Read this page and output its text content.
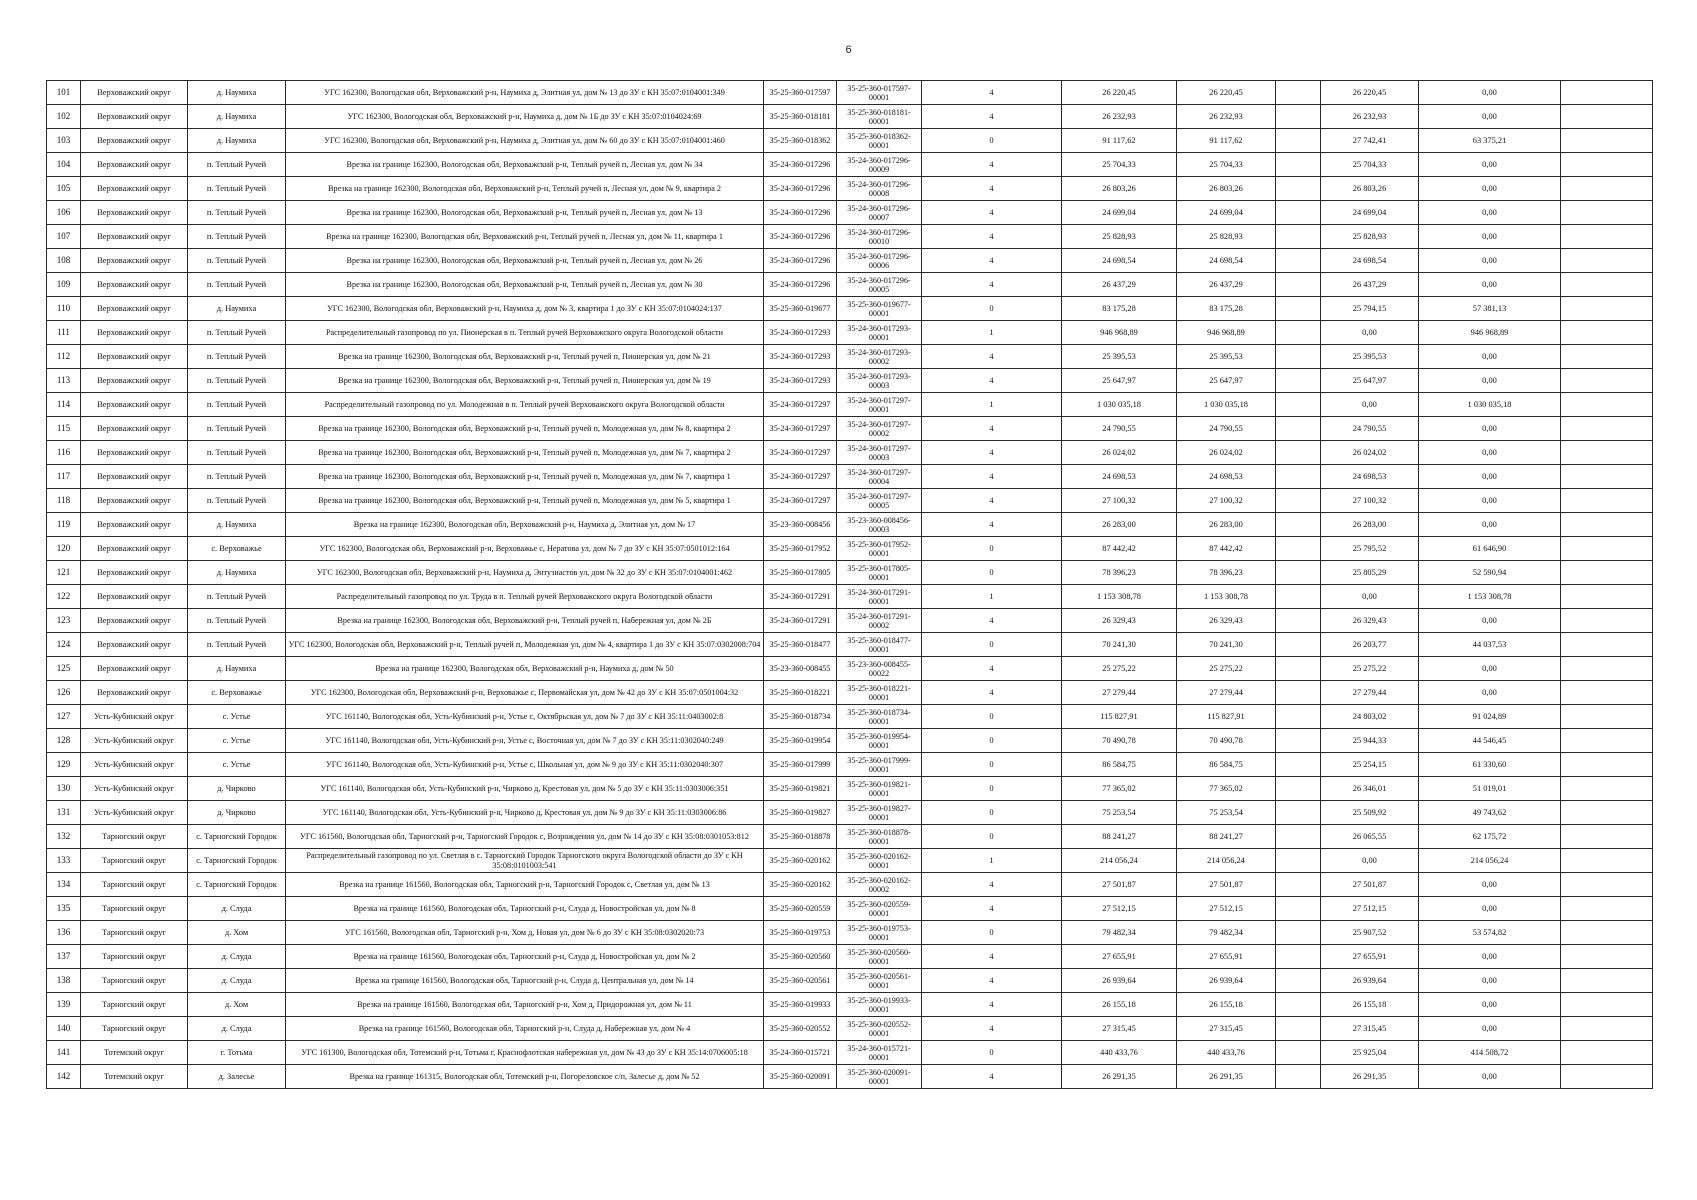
6
101	Верховажский округ	д. Наумиха	УГС 162300, Вологодская обл, Верховажский р-н, Наумиха д, Элитная ул, дом № 13 до ЗУ с КН 35:07:0104001:349	35-25-360-017597	35-25-360-017597-00001	4	26 220,45	26 220,45		26 220,45	0,00	
102	Верховажский округ	д. Наумиха	УГС 162300, Вологодская обл, Верховажский р-н, Наумиха д, дом № 1Б до ЗУ с КН 35:07:0104024:69	35-25-360-018181	35-25-360-018181-00001	4	26 232,93	26 232,93		26 232,93	0,00	
103	Верховажский округ	д. Наумиха	УГС 162300, Вологодская обл, Верховажский р-н, Наумиха д, Элитная ул, дом № 60 до ЗУ с КН 35:07:0104001:460	35-25-360-018362	35-25-360-018362-00001	0	91 117,62	91 117,62		27 742,41	63 375,21	
104	Верховажский округ	п. Теплый Ручей	Врезка на границе 162300, Вологодская обл, Верховажский р-н, Теплый ручей п, Лесная ул, дом № 34	35-24-360-017296	35-24-360-017296-00009	4	25 704,33	25 704,33		25 704,33	0,00	
105	Верховажский округ	п. Теплый Ручей	Врезка на границе 162300, Вологодская обл, Верховажский р-н, Теплый ручей п, Лесная ул, дом № 9, квартира 2	35-24-360-017296	35-24-360-017296-00008	4	26 803,26	26 803,26		26 803,26	0,00	
106	Верховажский округ	п. Теплый Ручей	Врезка на границе 162300, Вологодская обл, Верховажский р-н, Теплый ручей п, Лесная ул, дом № 13	35-24-360-017296	35-24-360-017296-00007	4	24 699,04	24 699,04		24 699,04	0,00	
107	Верховажский округ	п. Теплый Ручей	Врезка на границе 162300, Вологодская обл, Верховажский р-н, Теплый ручей п, Лесная ул, дом № 11, квартира 1	35-24-360-017296	35-24-360-017296-00010	4	25 828,93	25 828,93		25 828,93	0,00	
108	Верховажский округ	п. Теплый Ручей	Врезка на границе 162300, Вологодская обл, Верховажский р-н, Теплый ручей п, Лесная ул, дом № 26	35-24-360-017296	35-24-360-017296-00006	4	24 698,54	24 698,54		24 698,54	0,00	
109	Верховажский округ	п. Теплый Ручей	Врезка на границе 162300, Вологодская обл, Верховажский р-н, Теплый ручей п, Лесная ул, дом № 30	35-24-360-017296	35-24-360-017296-00005	4	26 437,29	26 437,29		26 437,29	0,00	
110	Верховажский округ	д. Наумиха	УГС 162300, Вологодская обл, Верховажский р-н, Наумиха д, дом № 3, квартира 1 до ЗУ с КН 35:07:0104024:137	35-25-360-019677	35-25-360-019677-00001	0	83 175,28	83 175,28		25 794,15	57 381,13	
111	Верховажский округ	п. Теплый Ручей	Распределительный газопровод по ул. Пионерская в п. Теплый ручей Верховажского округа Вологодской области	35-24-360-017293	35-24-360-017293-00001	1	946 968,89	946 968,89		0,00	946 968,89	
112	Верховажский округ	п. Теплый Ручей	Врезка на границе 162300, Вологодская обл, Верховажский р-н, Теплый ручей п, Пионерская ул, дом № 21	35-24-360-017293	35-24-360-017293-00002	4	25 395,53	25 395,53		25 395,53	0,00	
113	Верховажский округ	п. Теплый Ручей	Врезка на границе 162300, Вологодская обл, Верховажский р-н, Теплый ручей п, Пионерская ул, дом № 19	35-24-360-017293	35-24-360-017293-00003	4	25 647,97	25 647,97		25 647,97	0,00	
114	Верховажский округ	п. Теплый Ручей	Распределительный газопровод по ул. Молодежная в п. Теплый ручей Верховажского округа Вологодской области	35-24-360-017297	35-24-360-017297-00001	1	1 030 035,18	1 030 035,18		0,00	1 030 035,18	
115	Верховажский округ	п. Теплый Ручей	Врезка на границе 162300, Вологодская обл, Верховажский р-н, Теплый ручей п, Молодежная ул, дом № 8, квартира 2	35-24-360-017297	35-24-360-017297-00002	4	24 790,55	24 790,55		24 790,55	0,00	
116	Верховажский округ	п. Теплый Ручей	Врезка на границе 162300, Вологодская обл, Верховажский р-н, Теплый ручей п, Молодежная ул, дом № 7, квартира 2	35-24-360-017297	35-24-360-017297-00003	4	26 024,02	26 024,02		26 024,02	0,00	
117	Верховажский округ	п. Теплый Ручей	Врезка на границе 162300, Вологодская обл, Верховажский р-н, Теплый ручей п, Молодежная ул, дом № 7, квартира 1	35-24-360-017297	35-24-360-017297-00004	4	24 698,53	24 698,53		24 698,53	0,00	
118	Верховажский округ	п. Теплый Ручей	Врезка на границе 162300, Вологодская обл, Верховажский р-н, Теплый ручей п, Молодежная ул, дом № 5, квартира 1	35-24-360-017297	35-24-360-017297-00005	4	27 100,32	27 100,32		27 100,32	0,00	
119	Верховажский округ	д. Наумиха	Врезка на границе 162300, Вологодская обл, Верховажский р-н, Наумиха д, Элитная ул, дом № 17	35-23-360-008456	35-23-360-008456-00003	4	26 283,00	26 283,00		26 283,00	0,00	
120	Верховажский округ	с. Верховажье	УГС 162300, Вологодская обл, Верховажский р-н, Верховажье с, Нератова ул, дом № 7 до ЗУ с КН 35:07:0501012:164	35-25-360-017952	35-25-360-017952-00001	0	87 442,42	87 442,42		25 795,52	61 646,90	
121	Верховажский округ	д. Наумиха	УГС 162300, Вологодская обл, Верховажский р-н, Наумиха д, Энтузиастов ул, дом № 32 до ЗУ с КН 35:07:0104001:462	35-25-360-017805	35-25-360-017805-00001	0	78 396,23	78 396,23		25 805,29	52 590,94	
122	Верховажский округ	п. Теплый Ручей	Распределительный газопровод по ул. Труда в п. Теплый ручей Верховажского округа Вологодской области	35-24-360-017291	35-24-360-017291-00001	1	1 153 308,78	1 153 308,78		0,00	1 153 308,78	
123	Верховажский округ	п. Теплый Ручей	Врезка на границе 162300, Вологодская обл, Верховажский р-н, Теплый ручей п, Набережная ул, дом № 2Б	35-24-360-017291	35-24-360-017291-00002	4	26 329,43	26 329,43		26 329,43	0,00	
124	Верховажский округ	п. Теплый Ручей	УГС 162300, Вологодская обл, Верховажский р-н, Теплый ручей п, Молодежная ул, дом № 4, квартира 1 до ЗУ с КН 35:07:0302008:704	35-25-360-018477	35-25-360-018477-00001	0	70 241,30	70 241,30		26 203,77	44 037,53	
125	Верховажский округ	д. Наумиха	Врезка на границе 162300, Вологодская обл, Верховажский р-н, Наумиха д, дом № 50	35-23-360-008455	35-23-360-008455-00022	4	25 275,22	25 275,22		25 275,22	0,00	
126	Верховажский округ	с. Верховажье	УГС 162300, Вологодская обл, Верховажский р-н, Верховажье с, Первомайская ул, дом № 42 до ЗУ с КН 35:07:0501004:32	35-25-360-018221	35-25-360-018221-00001	4	27 279,44	27 279,44		27 279,44	0,00	
127	Усть-Кубинский округ	с. Устье	УГС 161140, Вологодская обл, Усть-Кубинский р-н, Устье с, Октябрьская ул, дом № 7 до ЗУ с КН 35:11:0403002:8	35-25-360-018734	35-25-360-018734-00001	0	115 827,91	115 827,91		24 803,02	91 024,89	
128	Усть-Кубинский округ	с. Устье	УГС 161140, Вологодская обл, Усть-Кубинский р-н, Устье с, Восточная ул, дом № 7 до ЗУ с КН 35:11:0302040:249	35-25-360-019954	35-25-360-019954-00001	0	70 490,78	70 490,78		25 944,33	44 546,45	
129	Усть-Кубинский округ	с. Устье	УГС 161140, Вологодская обл, Усть-Кубинский р-н, Устье с, Школьная ул, дом № 9 до ЗУ с КН 35:11:0302040:307	35-25-360-017999	35-25-360-017999-00001	0	86 584,75	86 584,75		25 254,15	61 330,60	
130	Усть-Кубинский округ	д. Чирково	УГС 161140, Вологодская обл, Усть-Кубинский р-н, Чирково д, Крестовая ул, дом № 5 до ЗУ с КН 35:11:0303006:351	35-25-360-019821	35-25-360-019821-00001	0	77 365,02	77 365,02		26 346,01	51 019,01	
131	Усть-Кубинский округ	д. Чирково	УГС 161140, Вологодская обл, Усть-Кубинский р-н, Чирково д, Крестовая ул, дом № 9 до ЗУ с КН 35:11:0303006:86	35-25-360-019827	35-25-360-019827-00001	0	75 253,54	75 253,54		25 509,92	49 743,62	
132	Тарногский округ	с. Тарногский Городок	УГС 161560, Вологодская обл, Тарногский р-н, Тарногский Городок с, Возрождения ул, дом № 14 до ЗУ с КН 35:08:0301053:812	35-25-360-018878	35-25-360-018878-00001	0	88 241,27	88 241,27		26 065,55	62 175,72	
133	Тарногский округ	с. Тарногский Городок	Распределительный газопровод по ул. Светлая в с. Тарногский Городок Тарногского округа Вологодской области до ЗУ с КН 35:08:0101003:541	35-25-360-020162	35-25-360-020162-00001	1	214 056,24	214 056,24		0,00	214 056,24	
134	Тарногский округ	с. Тарногский Городок	Врезка на границе 161560, Вологодская обл, Тарногский р-н, Тарногский Городок с, Светлая ул, дом № 13	35-25-360-020162	35-25-360-020162-00002	4	27 501,87	27 501,87		27 501,87	0,00	
135	Тарногский округ	д. Слуда	Врезка на границе 161560, Вологодская обл, Тарногский р-н, Слуда д, Новостройская ул, дом № 8	35-25-360-020559	35-25-360-020559-00001	4	27 512,15	27 512,15		27 512,15	0,00	
136	Тарногский округ	д. Хом	УГС 161560, Вологодская обл, Тарногский р-н, Хом д, Новая ул, дом № 6 до ЗУ с КН 35:08:0302020:73	35-25-360-019753	35-25-360-019753-00001	0	79 482,34	79 482,34		25 907,52	53 574,82	
137	Тарногский округ	д. Слуда	Врезка на границе 161560, Вологодская обл, Тарногский р-н, Слуда д, Новостройская ул, дом № 2	35-25-360-020560	35-25-360-020560-00001	4	27 655,91	27 655,91		27 655,91	0,00	
138	Тарногский округ	д. Слуда	Врезка на границе 161560, Вологодская обл, Тарногский р-н, Слуда д, Центральная ул, дом № 14	35-25-360-020561	35-25-360-020561-00001	4	26 939,64	26 939,64		26 939,64	0,00	
139	Тарногский округ	д. Хом	Врезка на границе 161560, Вологодская обл, Тарногский р-н, Хом д, Придорожная ул, дом № 11	35-25-360-019933	35-25-360-019933-00001	4	26 155,18	26 155,18		26 155,18	0,00	
140	Тарногский округ	д. Слуда	Врезка на границе 161560, Вологодская обл, Тарногский р-н, Слуда д, Набережная ул, дом № 4	35-25-360-020552	35-25-360-020552-00001	4	27 315,45	27 315,45		27 315,45	0,00	
141	Тотемский округ	г. Тотьма	УГС 161300, Вологодская обл, Тотемский р-н, Тотьма г, Краснофлотская набережная ул, дом № 43 до ЗУ с КН 35:14:0706005:18	35-24-360-015721	35-24-360-015721-00001	0	440 433,76	440 433,76		25 925,04	414 508,72	
142	Тотемский округ	д. Залесье	Врезка на границе 161315, Вологодская обл, Тотемский р-н, Погореловское с/п, Залесье д, дом № 52	35-25-360-020091	35-25-360-020091-00001	4	26 291,35	26 291,35		26 291,35	0,00	
